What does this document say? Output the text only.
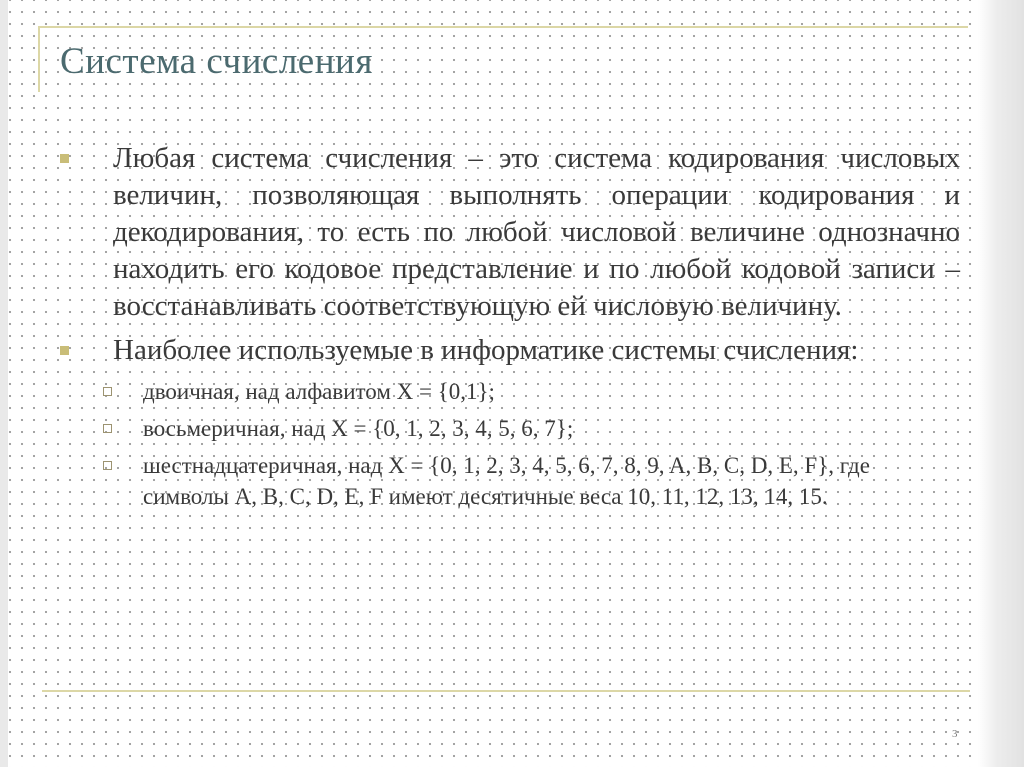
Система счисления
Любая система счисления – это система кодирования числовых величин, позволяющая выполнять операции кодирования и декодирования, то есть по любой числовой величине однозначно находить его кодовое представление и по любой кодовой записи – восстанавливать соответствующую ей числовую величину.
Наиболее используемые в информатике системы счисления:
двоичная, над алфавитом X = {0,1};
восьмеричная, над X = {0, 1, 2, 3, 4, 5, 6, 7};
шестнадцатеричная, над X = {0, 1, 2, 3, 4, 5, 6, 7, 8, 9, A, B, C, D, E, F}, где символы A, B, C, D, E, F имеют десятичные веса 10, 11, 12, 13, 14, 15.
3
